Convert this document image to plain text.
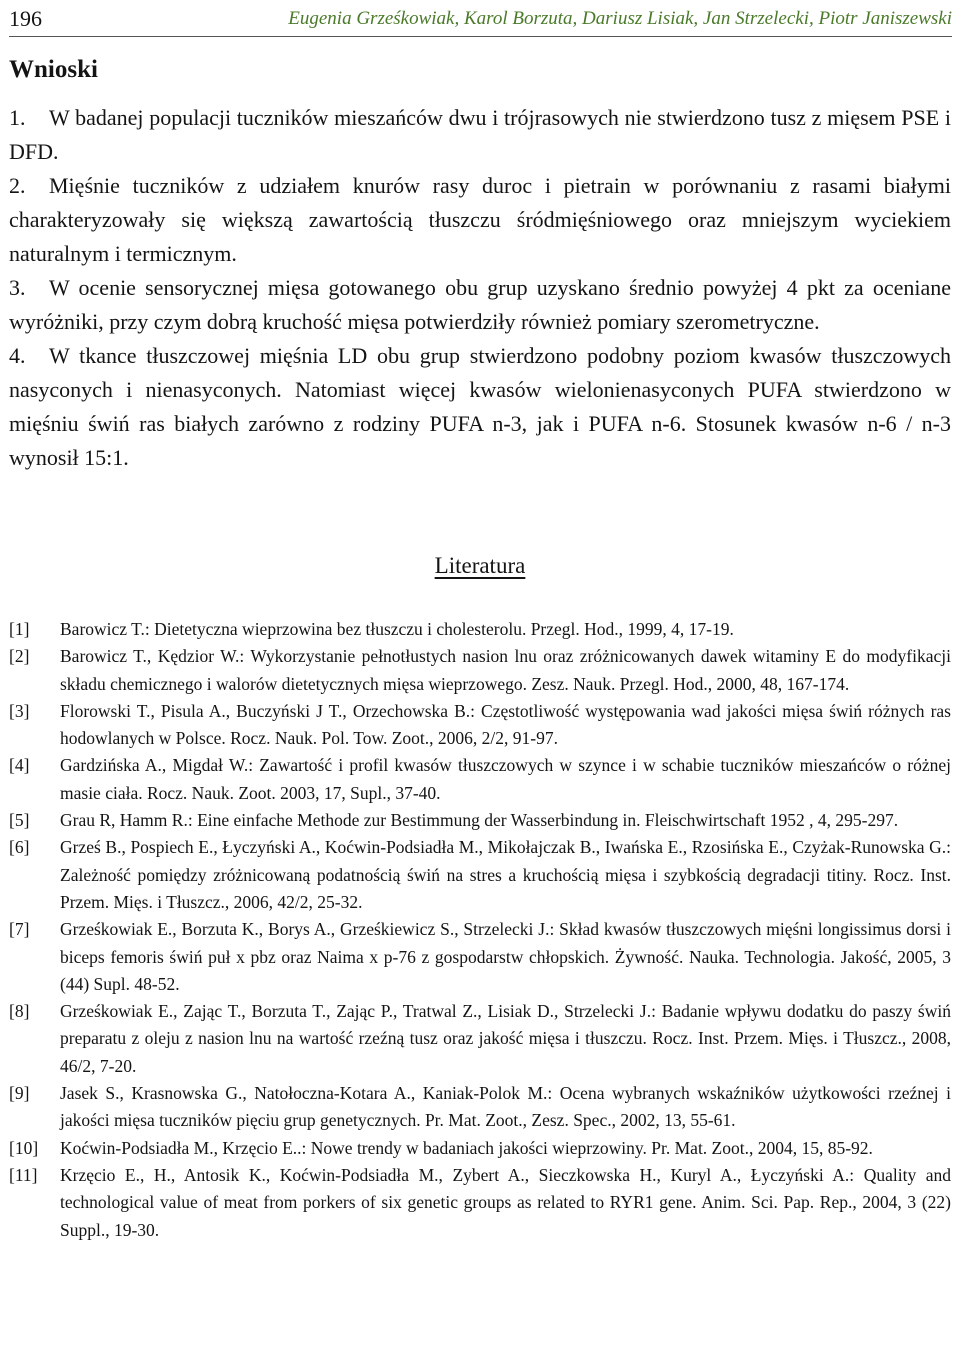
196	Eugenia Grześkowiak, Karol Borzuta, Dariusz Lisiak, Jan Strzelecki, Piotr Janiszewski
Wnioski
1. W badanej populacji tuczników mieszańców dwu i trójrasowych nie stwierdzono tusz z mięsem PSE i DFD.
2. Mięśnie tuczników z udziałem knurów rasy duroc i pietrain w porównaniu z rasami białymi charakteryzowały się większą zawartością tłuszczu śródmięśniowego oraz mniejszym wyciekiem naturalnym i termicznym.
3. W ocenie sensorycznej mięsa gotowanego obu grup uzyskano średnio powyżej 4 pkt za oceniane wyróżniki, przy czym dobrą kruchość mięsa potwierdziły również pomiary szerometryczne.
4. W tkance tłuszczowej mięśnia LD obu grup stwierdzono podobny poziom kwasów tłuszczowych nasyconych i nienasyconych. Natomiast więcej kwasów wielonienasyconych PUFA stwierdzono w mięśniu świń ras białych zarówno z rodziny PUFA n-3, jak i PUFA n-6. Stosunek kwasów n-6 / n-3 wynosił 15:1.
Literatura
[1]	Barowicz T.: Dietetyczna wieprzowina bez tłuszczu i cholesterolu. Przegl. Hod., 1999, 4, 17-19.
[2]	Barowicz T., Kędzior W.: Wykorzystanie pełnotłustych nasion lnu oraz zróżnicowanych dawek witaminy E do modyfikacji składu chemicznego i walorów dietetycznych mięsa wieprzowego. Zesz. Nauk. Przegl. Hod., 2000, 48, 167-174.
[3]	Florowski T., Pisula A., Buczyński J T., Orzechowska B.: Częstotliwość występowania wad jakości mięsa świń różnych ras hodowlanych w Polsce. Rocz. Nauk. Pol. Tow. Zoot., 2006, 2/2, 91-97.
[4]	Gardzińska A., Migdał W.: Zawartość i profil kwasów tłuszczowych w szynce i w schabie tuczników mieszańców o różnej masie ciała. Rocz. Nauk. Zoot. 2003, 17, Supl., 37-40.
[5]	Grau R, Hamm R.: Eine einfache Methode zur Bestimmung der Wasserbindung in. Fleischwirtschaft 1952 , 4, 295-297.
[6]	Grześ B., Pospiech E., Łyczyński A., Koćwin-Podsiadła M., Mikołajczak B., Iwańska E., Rzosińska E., Czyżak-Runowska G.: Zależność pomiędzy zróżnicowaną podatnością świń na stres a kruchością mięsa i szybkością degradacji titiny. Rocz. Inst. Przem. Mięs. i Tłuszcz., 2006, 42/2, 25-32.
[7]	Grześkowiak E., Borzuta K., Borys A., Grześkiewicz S., Strzelecki J.: Skład kwasów tłuszczowych mięśni longissimus dorsi i biceps femoris świń puł x pbz oraz Naima x p-76 z gospodarstw chłopskich. Żywność. Nauka. Technologia. Jakość, 2005, 3 (44) Supl. 48-52.
[8]	Grześkowiak E., Zając T., Borzuta T., Zając P., Tratwal Z., Lisiak D., Strzelecki J.: Badanie wpływu dodatku do paszy świń preparatu z oleju z nasion lnu na wartość rzeźną tusz oraz jakość mięsa i tłuszczu. Rocz. Inst. Przem. Mięs. i Tłuszcz., 2008, 46/2, 7-20.
[9]	Jasek S., Krasnowska G., Natołoczna-Kotara A., Kaniak-Polok M.: Ocena wybranych wskaźników użytkowości rzeźnej i jakości mięsa tuczników pięciu grup genetycznych. Pr. Mat. Zoot., Zesz. Spec., 2002, 13, 55-61.
[10]	Koćwin-Podsiadła M., Krzęcio E..: Nowe trendy w badaniach jakości wieprzowiny. Pr. Mat. Zoot., 2004, 15, 85-92.
[11]	Krzęcio E., H., Antosik K., Koćwin-Podsiadła M., Zybert A., Sieczkowska H., Kuryl A., Łyczyński A.: Quality and technological value of meat from porkers of six genetic groups as related to RYR1 gene. Anim. Sci. Pap. Rep., 2004, 3 (22) Suppl., 19-30.
